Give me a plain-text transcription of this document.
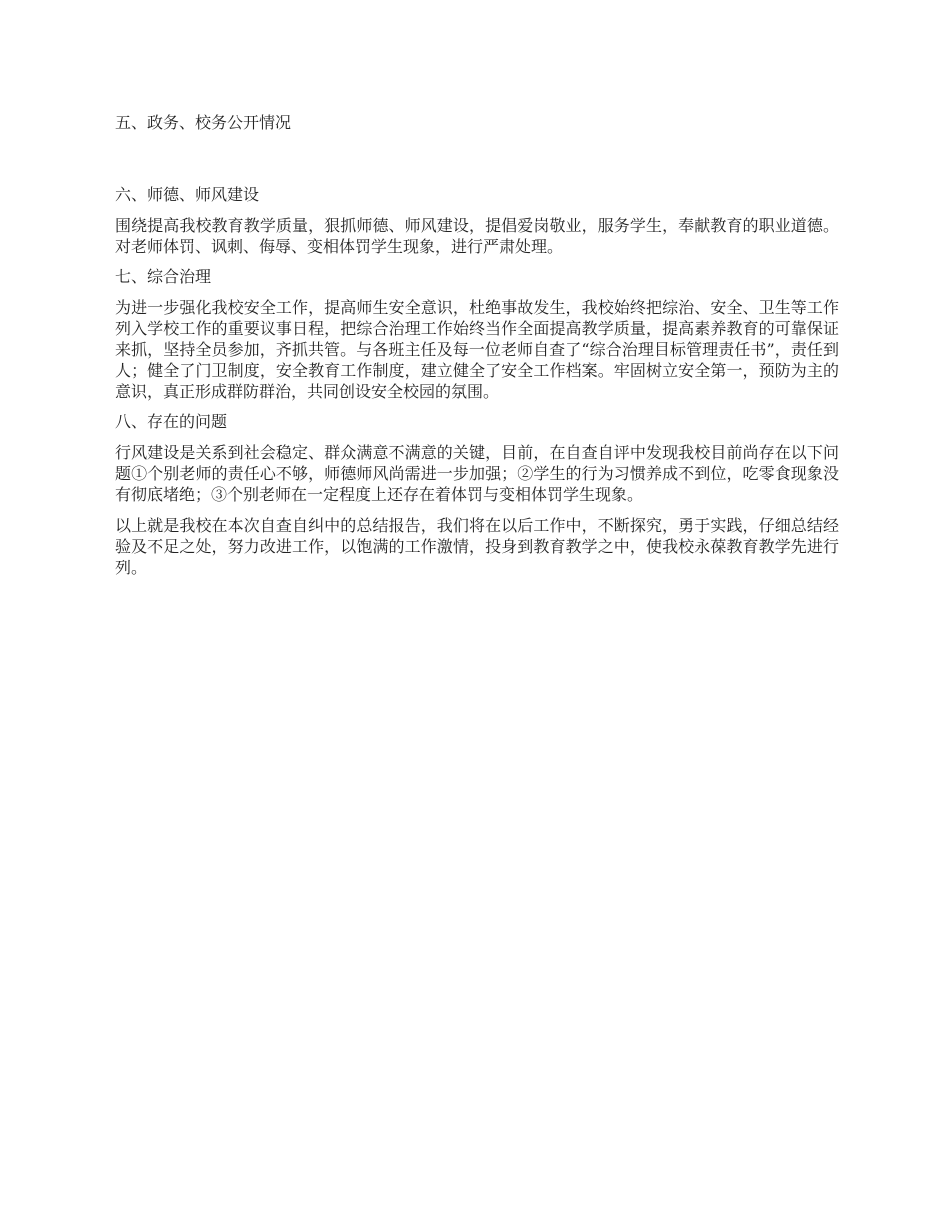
五、政务、校务公开情况

六、师德、师风建设

围绕提高我校教育教学质量，狠抓师德、师风建设，提倡爱岗敬业，服务学生，奉献教育的职业道德。对老师体罚、讽刺、侮辱、变相体罚学生现象，进行严肃处理。

七、综合治理

为进一步强化我校安全工作，提高师生安全意识，杜绝事故发生，我校始终把综治、安全、卫生等工作列入学校工作的重要议事日程，把综合治理工作始终当作全面提高教学质量，提高素养教育的可靠保证来抓，坚持全员参加，齐抓共管。与各班主任及每一位老师自查了“综合治理目标管理责任书”，责任到人；健全了门卫制度，安全教育工作制度，建立健全了安全工作档案。牢固树立安全第一，预防为主的意识，真正形成群防群治，共同创设安全校园的氛围。

八、存在的问题

行风建设是关系到社会稳定、群众满意不满意的关键，目前，在自查自评中发现我校目前尚存在以下问题①个别老师的责任心不够，师德师风尚需进一步加强；②学生的行为习惯养成不到位，吃零食现象没有彻底堵绝；③个别老师在一定程度上还存在着体罚与变相体罚学生现象。

以上就是我校在本次自查自纠中的总结报告，我们将在以后工作中，不断探究，勇于实践，仔细总结经验及不足之处，努力改进工作，以饱满的工作激情，投身到教育教学之中，使我校永葆教育教学先进行列。
